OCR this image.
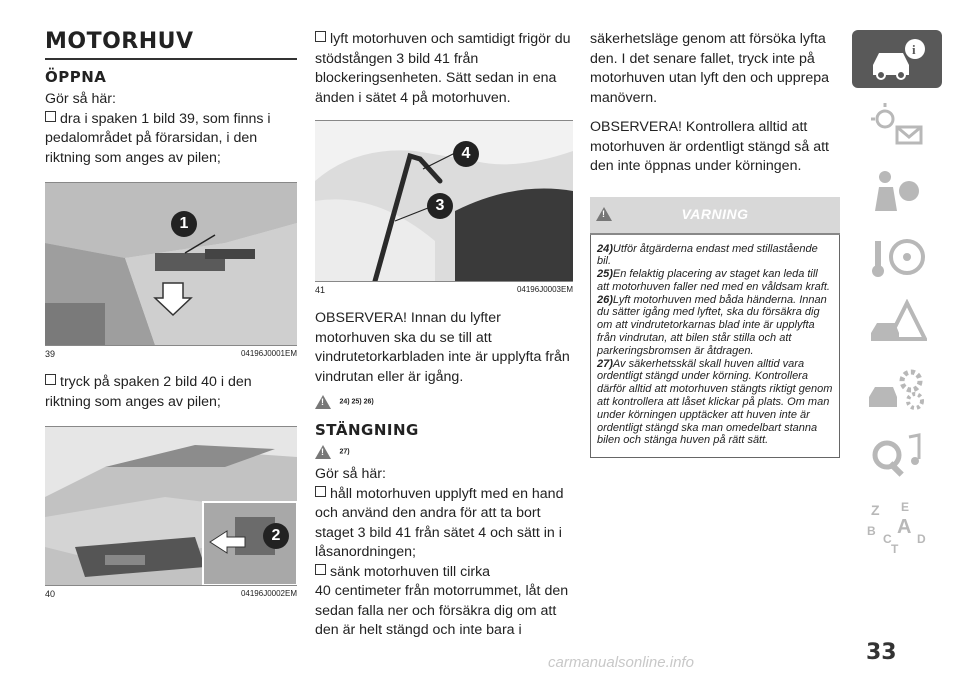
MOTORHUV
ÖPPNA

Gör så här:

dra i spaken 1 bild 39, som finns i pedalområdet på förarsidan, i den riktning som anges av pilen;

1
39	04196J0001EM

tryck på spaken 2 bild 40 i den riktning som anges av pilen;

2
40	04196J0002EM

lyft motorhuven och samtidigt frigör du stödstången 3 bild 41 från blockeringsenheten. Sätt sedan in ena änden i sätet 4 på motorhuven.

4
3
41	04196J0003EM

OBSERVERA! Innan du lyfter motorhuven ska du se till att vindrutetorkarbladen inte är upplyfta från vindrutan eller är igång.

! 24) 25) 26)
STÄNGNING
! 27)

Gör så här:

håll motorhuven upplyft med en hand och använd den andra för att ta bort staget 3 bild 41 från sätet 4 och sätt in i låsanordningen;

sänk motorhuven till cirka

40 centimeter från motorrummet, låt den sedan falla ner och försäkra dig om att den är helt stängd och inte bara i

säkerhetsläge genom att försöka lyfta den. I det senare fallet, tryck inte på motorhuven utan lyft den och upprepa manövern.

OBSERVERA! Kontrollera alltid att motorhuven är ordentligt stängd så att den inte öppnas under körningen.

!
VARNING

24)Utför åtgärderna endast med stillastående bil.

25)En felaktig placering av staget kan leda till att motorhuven faller ned med en våldsam kraft.

26)Lyft motorhuven med båda händerna. Innan du sätter igång med lyftet, ska du försäkra dig om att vindrutetorkarnas blad inte är upplyfta från vindrutan, att bilen står stilla och att parkeringsbromsen är åtdragen.

27)Av säkerhetsskäl skall huven alltid vara ordentligt stängd under körning. Kontrollera därför alltid att motorhuven stängts riktigt genom att kontrollera att låset klickar på plats. Om man under körningen upptäcker att huven inte är ordentligt stängd ska man omedelbart stanna bilen och stänga huven på rätt sätt.

i
Z E
B A
C D
T
33
carmanualsonline.info
